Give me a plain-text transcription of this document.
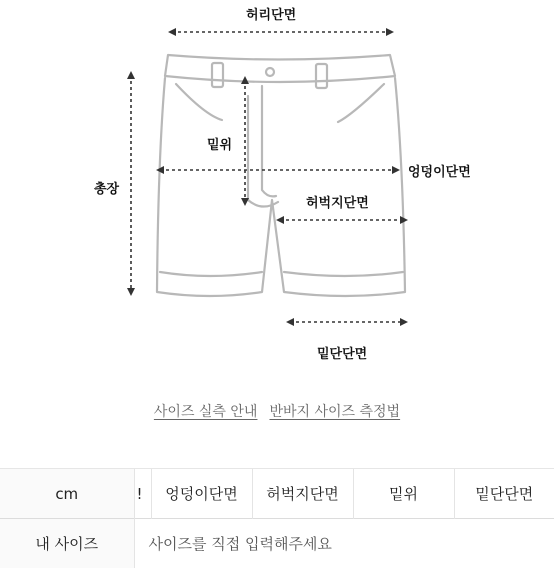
허리단면
밑위
엉덩이단면
총장
허벅지단면
밑단단면
사이즈 실측 안내 반바지 사이즈 측정법
cm	!	엉덩이단면	허벅지단면	밑위	밑단단면
내 사이즈	사이즈를 직접 입력해주세요				
